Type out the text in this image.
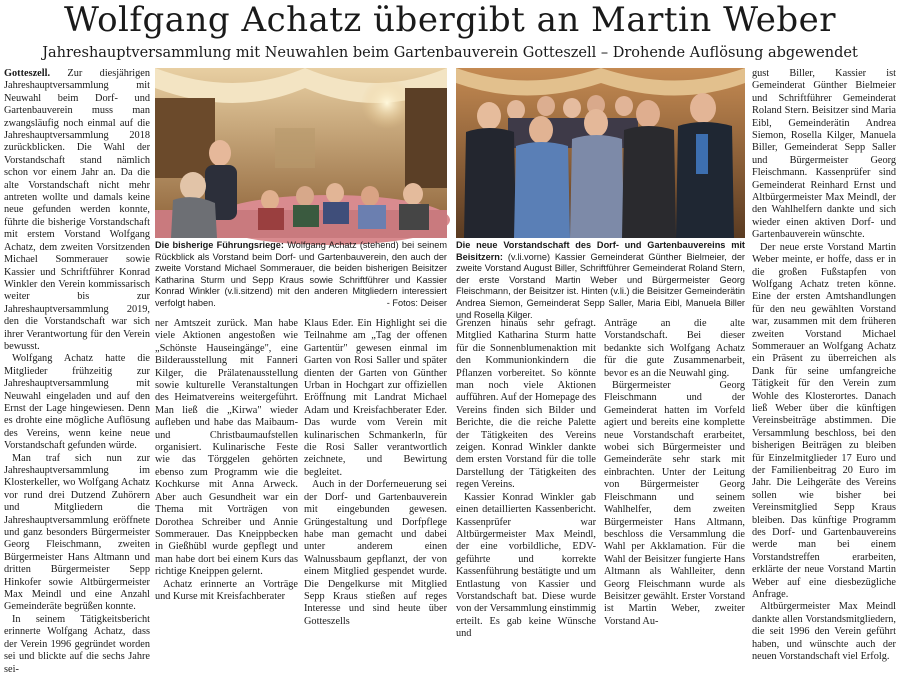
Wolfgang Achatz übergibt an Martin Weber
Jahreshauptversammlung mit Neuwahlen beim Gartenbauverein Gotteszell – Drohende Auflösung abgewendet

Gotteszell. Zur diesjährigen Jahreshauptversammlung mit Neuwahl beim Dorf- und Gartenbauverein muss man zwangsläufig noch einmal auf die Jahreshauptversammlung 2018 zurückblicken. Die Wahl der Vorstandschaft stand nämlich schon vor einem Jahr an. Da die alte Vorstandschaft nicht mehr antreten wollte und damals keine neue gefunden werden konnte, führte die bisherige Vorstandschaft mit erstem Vorstand Wolfgang Achatz, dem zweiten Vorsitzenden Michael Sommerauer sowie Kassier und Schriftführer Konrad Winkler den Verein kommissarisch weiter bis zur Jahreshauptversammlung 2019, den die Vorstandschaft war sich ihrer Verantwortung für den Verein bewusst.

Wolfgang Achatz hatte die Mitglieder frühzeitig zur Jahreshauptversammlung mit Neuwahl eingeladen und auf den Ernst der Lage hingewiesen. Denn es drohte eine mögliche Auflösung des Vereins, wenn keine neue Vorstandschaft gefunden würde.

Man traf sich nun zur Jahreshauptversammlung im Klosterkeller, wo Wolfgang Achatz vor rund drei Dutzend Zuhörern und Mitgliedern die Jahreshauptversammlung eröffnete und ganz besonders Bürgermeister Georg Fleischmann, zweiten Bürgermeister Hans Altmann und dritten Bürgermeister Sepp Hinkofer sowie Altbürgermeister Max Meindl und eine Anzahl Gemeinderäte begrüßen konnte.

In seinem Tätigkeitsbericht erinnerte Wolfgang Achatz, dass der Verein 1996 gegründet worden sei und blickte auf die sechs Jahre sei-

Die bisherige Führungsriege: Wolfgang Achatz (stehend) bei seinem Rückblick als Vorstand beim Dorf- und Gartenbauverein, den auch der zweite Vorstand Michael Sommerauer, die beiden bisherigen Beisitzer Katharina Sturm und Sepp Kraus sowie Schriftführer und Kassier Konrad Winkler (v.li.sitzend) mit den anderen Mitgliedern interessiert verfolgt haben.	- Fotos: Deiser
Die neue Vorstandschaft des Dorf- und Gartenbauvereins mit Beisitzern: (v.li.vorne) Kassier Gemeinderat Günther Bielmeier, der zweite Vorstand August Biller, Schriftführer Gemeinderat Roland Stern, der erste Vorstand Martin Weber und Bürgermeister Georg Fleischmann, der Beisitzer ist. Hinten (v.li.) die Beisitzer Gemeinderätin Andrea Siemon, Gemeinderat Sepp Saller, Maria Eibl, Manuela Biller und Rosella Kilger.

ner Amtszeit zurück. Man habe viele Aktionen angestoßen wie „Schönste Hauseingänge", eine Bilderausstellung mit Fanneri Kilger, die Prälatenausstellung sowie kulturelle Veranstaltungen des Heimatvereins weitergeführt. Man ließ die „Kirwa" wieder aufleben und habe das Maibaum- und Christbaumaufstellen organisiert. Kulinarische Feste wie das Törggelen gehörten ebenso zum Programm wie die Kochkurse mit Anna Arweck. Aber auch Gesundheit war ein Thema mit Vorträgen von Dorothea Schreiber und Annie Sommerauer. Das Kneippbecken in Gießhübl wurde gepflegt und man habe dort bei einem Kurs das richtige Kneippen gelernt.

Achatz erinnerte an Vorträge und Kurse mit Kreisfachberater

Klaus Eder. Ein Highlight sei die Teilnahme am „Tag der offenen Gartentür" gewesen einmal im Garten von Rosi Saller und später dienten der Garten von Günther Urban in Hochgart zur offiziellen Eröffnung mit Landrat Michael Adam und Kreisfachberater Eder. Das wurde vom Verein mit kulinarischen Schmankerln, für die Rosi Saller verantwortlich zeichnete, und Bewirtung begleitet.

Auch in der Dorferneuerung sei der Dorf- und Gartenbauverein mit eingebunden gewesen. Grüngestaltung und Dorfpflege habe man gemacht und dabei unter anderem einen Walnussbaum gepflanzt, der von einem Mitglied gespendet wurde. Die Dengelkurse mit Mitglied Sepp Kraus stießen auf reges Interesse und sind heute über Gotteszells

Grenzen hinaus sehr gefragt. Mitglied Katharina Sturm hatte für die Sonnenblumenaktion mit den Kommunionkindern die Pflanzen vorbereitet. So könnte man noch viele Aktionen aufführen. Auf der Homepage des Vereins finden sich Bilder und Berichte, die die reiche Palette der Tätigkeiten des Vereins zeigen. Konrad Winkler dankte dem ersten Vorstand für die tolle Darstellung der Tätigkeiten des regen Vereins.

Kassier Konrad Winkler gab einen detaillierten Kassenbericht. Kassenprüfer war Altbürgermeister Max Meindl, der eine vorbildliche, EDV-geführte und korrekte Kassenführung bestätigte und um Entlastung von Kassier und Vorstandschaft bat. Diese wurde von der Versammlung einstimmig erteilt. Es gab keine Wünsche und

Anträge an die alte Vorstandschaft. Bei dieser bedankte sich Wolfgang Achatz für die gute Zusammenarbeit, bevor es an die Neuwahl ging.

Bürgermeister Georg Fleischmann und der Gemeinderat hatten im Vorfeld agiert und bereits eine komplette neue Vorstandschaft erarbeitet, wobei sich Bürgermeister und Gemeinderäte sehr stark mit einbrachten. Unter der Leitung von Bürgermeister Georg Fleischmann und seinem Wahlhelfer, dem zweiten Bürgermeister Hans Altmann, beschloss die Versammlung die Wahl per Akklamation. Für die Wahl der Beisitzer fungierte Hans Altmann als Wahlleiter, denn Georg Fleischmann wurde als Beisitzer gewählt. Erster Vorstand ist Martin Weber, zweiter Vorstand Au-

gust Biller, Kassier ist Gemeinderat Günther Bielmeier und Schriftführer Gemeinderat Roland Stern. Beisitzer sind Maria Eibl, Gemeinderätin Andrea Siemon, Rosella Kilger, Manuela Biller, Gemeinderat Sepp Saller und Bürgermeister Georg Fleischmann. Kassenprüfer sind Gemeinderat Reinhard Ernst und Altbürgermeister Max Meindl, der den Wahlhelfern dankte und sich wieder einen aktiven Dorf- und Gartenbauverein wünschte.

Der neue erste Vorstand Martin Weber meinte, er hoffe, dass er in die großen Fußstapfen von Wolfgang Achatz treten könne. Eine der ersten Amtshandlungen für den neu gewählten Vorstand war, zusammen mit dem früheren zweiten Vorstand Michael Sommerauer an Wolfgang Achatz ein Präsent zu überreichen als Dank für seine umfangreiche Tätigkeit für den Verein zum Wohle des Klosterortes. Danach ließ Weber über die künftigen Vereinsbeiträge abstimmen. Die Versammlung beschloss, bei den bisherigen Beiträgen zu bleiben für Einzelmitglieder 17 Euro und der Familienbeitrag 20 Euro im Jahr. Die Leihgeräte des Vereins sollen wie bisher bei Vereinsmitglied Sepp Kraus bleiben. Das künftige Programm des Dorf- und Gartenbauvereins werde man bei einem Vorstandstreffen erarbeiten, erklärte der neue Vorstand Martin Weber auf eine diesbezügliche Anfrage.

Altbürgermeister Max Meindl dankte allen Vorstandsmitgliedern, die seit 1996 den Verein geführt haben, und wünschte auch der neuen Vorstandschaft viel Erfolg.
